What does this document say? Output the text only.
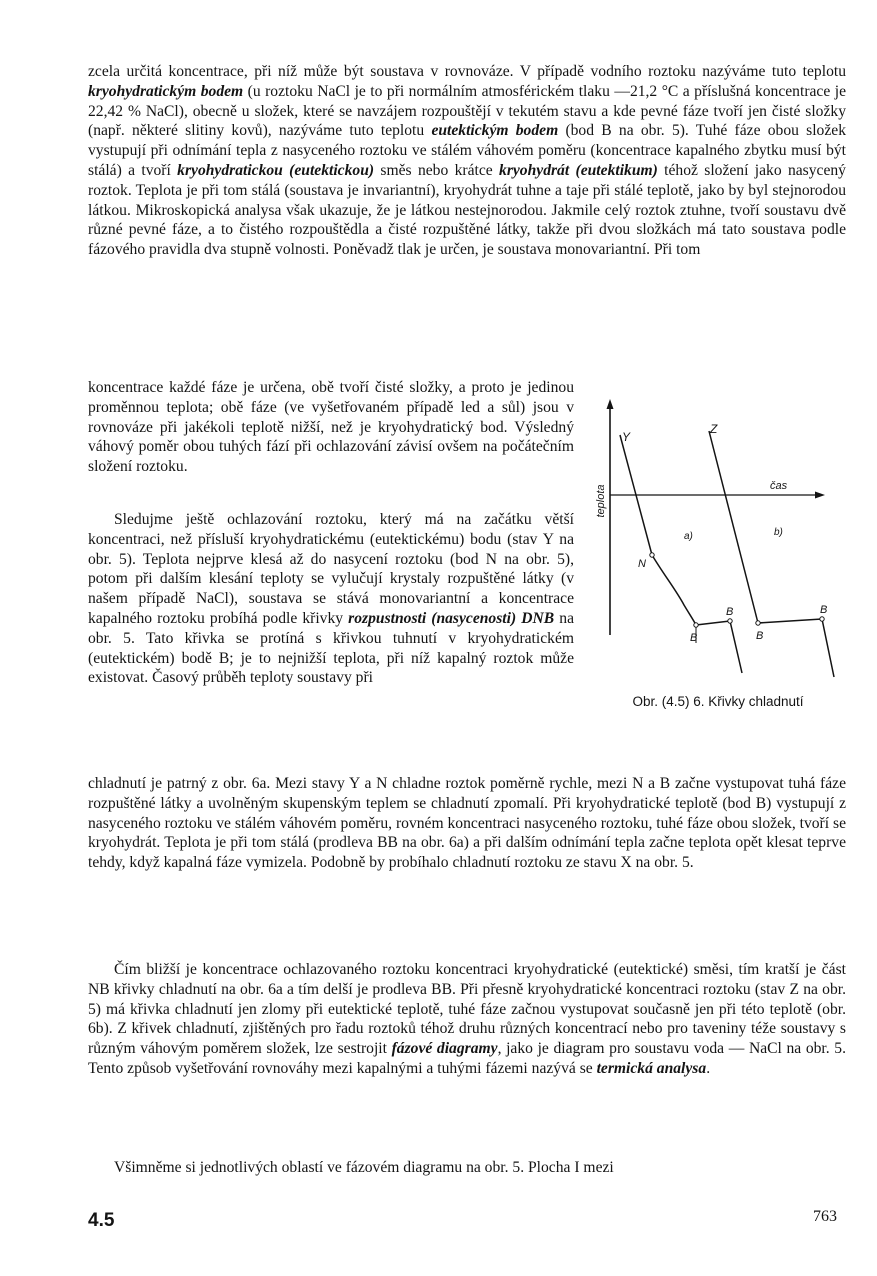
zcela určitá koncentrace, při níž může být soustava v rovnováze. V případě vodního roztoku nazýváme tuto teplotu kryohydratickým bodem (u roztoku NaCl je to při normálním atmosférickém tlaku —21,2 °C a příslušná koncentrace je 22,42 % NaCl), obecně u složek, které se navzájem rozpouštějí v tekutém stavu a kde pevné fáze tvoří jen čisté složky (např. některé slitiny kovů), nazýváme tuto teplotu eutektickým bodem (bod B na obr. 5). Tuhé fáze obou složek vystupují při odnímání tepla z nasyceného roztoku ve stálém váhovém poměru (koncentrace kapalného zbytku musí být stálá) a tvoří kryohydratickou (eutektickou) směs nebo krátce kryohydrát (eutektikum) téhož složení jako nasycený roztok. Teplota je při tom stálá (soustava je invariantní), kryohydrát tuhne a taje při stálé teplotě, jako by byl stejnorodou látkou. Mikroskopická analysa však ukazuje, že je látkou nestejnorodou. Jakmile celý roztok ztuhne, tvoří soustavu dvě různé pevné fáze, a to čistého rozpouštědla a čisté rozpuštěné látky, takže při dvou složkách má tato soustava podle fázového pravidla dva stupně volnosti. Poněvadž tlak je určen, je soustava monovariantní. Při tom

koncentrace každé fáze je určena, obě tvoří čisté složky, a proto je jedinou proměnnou teplota; obě fáze (ve vyšetřovaném případě led a sůl) jsou v rovnováze při jakékoli teplotě nižší, než je kryohydratický bod. Výsledný váhový poměr obou tuhých fází při ochlazování závisí ovšem na počátečním složení roztoku.

Sledujme ještě ochlazování roztoku, který má na začátku větší koncentraci, než přísluší kryohydratickému (eutektickému) bodu (stav Y na obr. 5). Teplota nejprve klesá až do nasycení roztoku (bod N na obr. 5), potom při dalším klesání teploty se vylučují krystaly rozpuštěné látky (v našem případě NaCl), soustava se stává monovariantní a koncentrace kapalného roztoku probíhá podle křivky rozpustnosti (nasycenosti) DNB na obr. 5. Tato křivka se protíná s křivkou tuhnutí v kryohydratickém (eutektickém) bodě B; je to nejnižší teplota, při níž kapalný roztok může existovat. Časový průběh teploty soustavy při

chladnutí je patrný z obr. 6a. Mezi stavy Y a N chladne roztok poměrně rychle, mezi N a B začne vystupovat tuhá fáze rozpuštěné látky a uvolněným skupenským teplem se chladnutí zpomalí. Při kryohydratické teplotě (bod B) vystupují z nasyceného roztoku ve stálém váhovém poměru, rovném koncentraci nasyceného roztoku, tuhé fáze obou složek, tvoří se kryohydrát. Teplota je při tom stálá (prodleva BB na obr. 6a) a při dalším odnímání tepla začne teplota opět klesat teprve tehdy, když kapalná fáze vymizela. Podobně by probíhalo chladnutí roztoku ze stavu X na obr. 5.

Čím bližší je koncentrace ochlazovaného roztoku koncentraci kryohydratické (eutektické) směsi, tím kratší je část NB křivky chladnutí na obr. 6a a tím delší je prodleva BB. Při přesně kryohydratické koncentraci roztoku (stav Z na obr. 5) má křivka chladnutí jen zlomy při eutektické teplotě, tuhé fáze začnou vystupovat současně jen při této teplotě (obr. 6b). Z křivek chladnutí, zjištěných pro řadu roztoků téhož druhu různých koncentrací nebo pro taveniny téže soustavy s různým váhovým poměrem složek, lze sestrojit fázové diagramy, jako je diagram pro soustavu voda — NaCl na obr. 5. Tento způsob vyšetřování rovnováhy mezi kapalnými a tuhými fázemi nazývá se termická analysa.

Všimněme si jednotlivých oblastí ve fázovém diagramu na obr. 5. Plocha I mezi

teplota	čas
Y
Z
N
B
B
B
B
a)	b)
Obr. (4.5) 6. Křivky chladnutí
4.5	763
